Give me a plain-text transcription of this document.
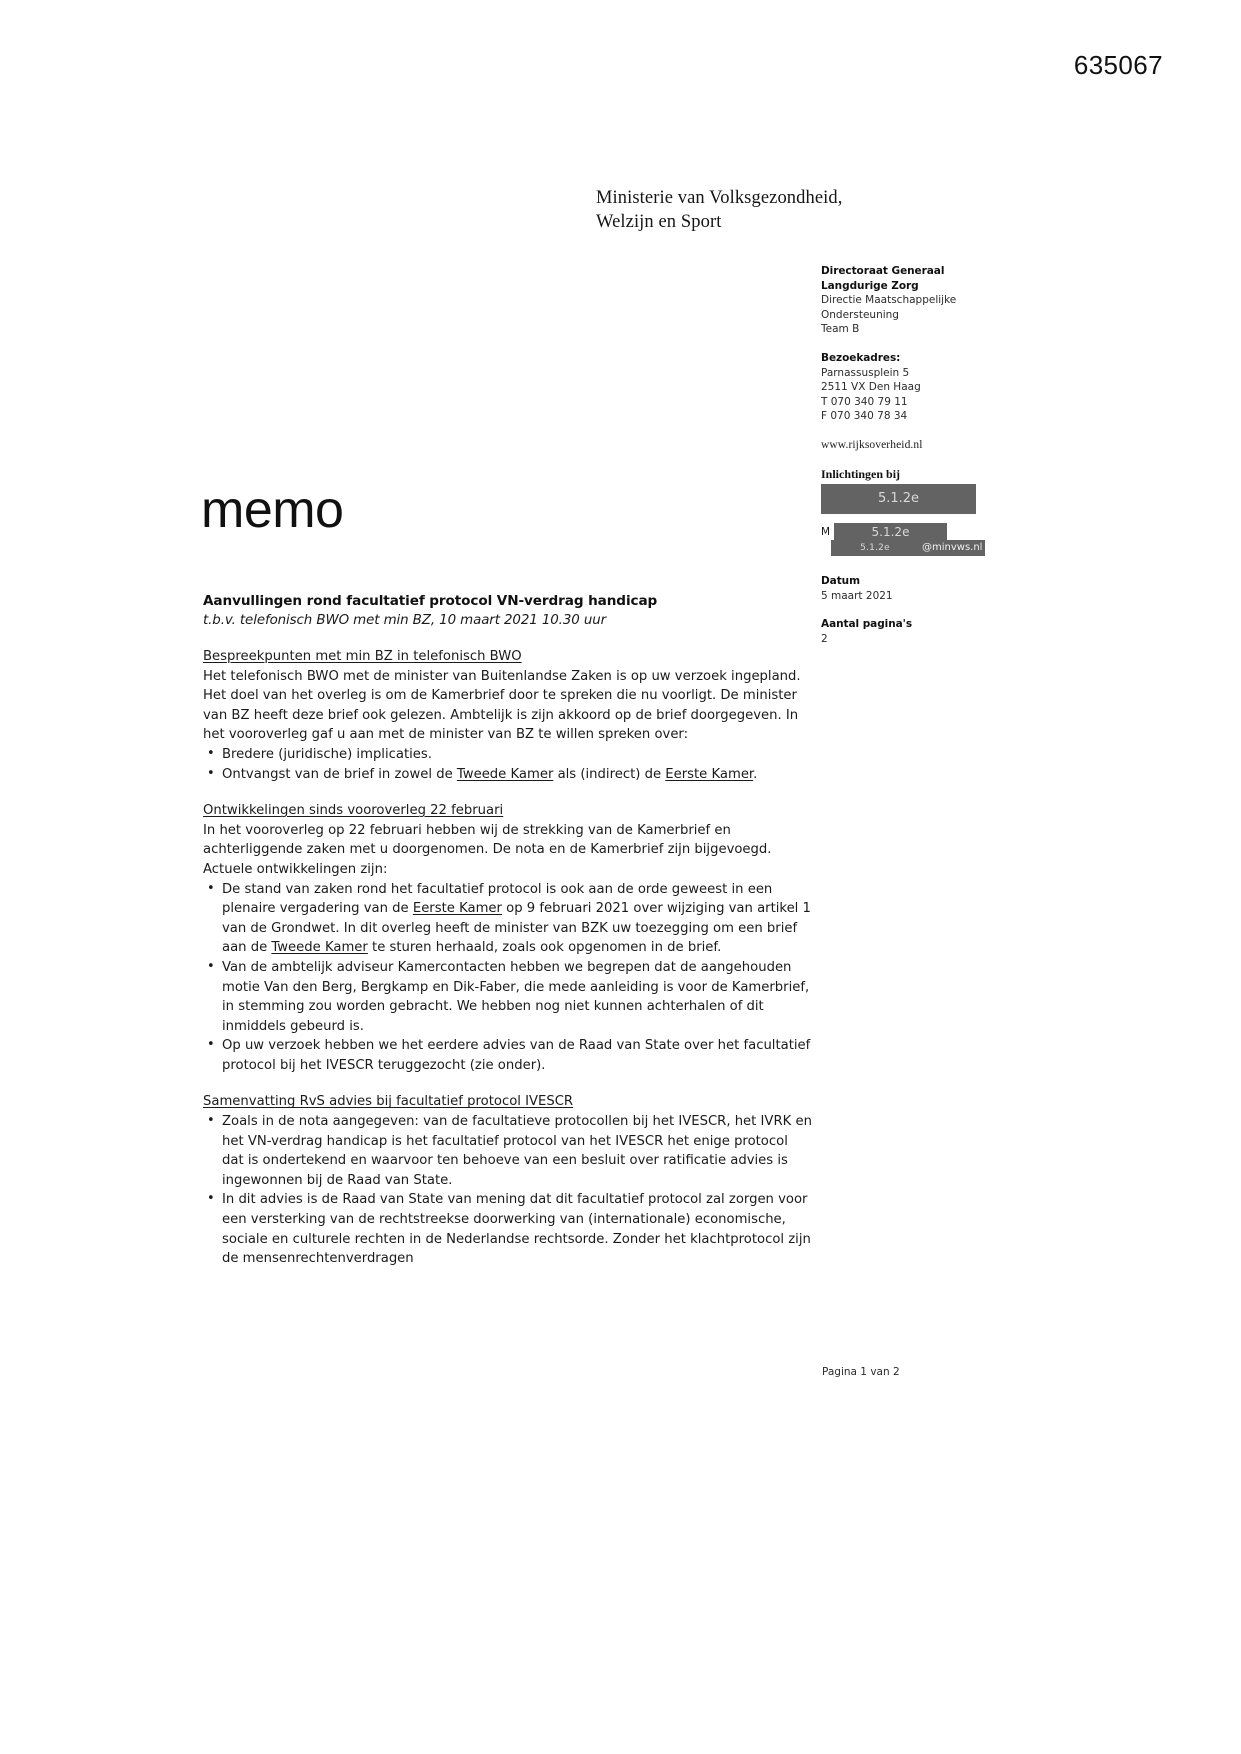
635067
Ministerie van Volksgezondheid,
Welzijn en Sport
Directoraat Generaal
Langdurige Zorg
Directie Maatschappelijke
Ondersteuning
Team B
Bezoekadres:
Parnassusplein 5
2511 VX Den Haag
T 070 340 79 11
F 070 340 78 34
www.rijksoverheid.nl
Inlichtingen bij
5.1.2e
M	5.1.2e
5.1.2e	@minvws.nl
Datum
5 maart 2021
Aantal pagina's
2
memo
Aanvullingen rond facultatief protocol VN-verdrag handicap
t.b.v. telefonisch BWO met min BZ, 10 maart 2021 10.30 uur
Bespreekpunten met min BZ in telefonisch BWO

Het telefonisch BWO met de minister van Buitenlandse Zaken is op uw verzoek ingepland. Het doel van het overleg is om de Kamerbrief door te spreken die nu voorligt. De minister van BZ heeft deze brief ook gelezen. Ambtelijk is zijn akkoord op de brief doorgegeven. In het vooroverleg gaf u aan met de minister van BZ te willen spreken over:

• Bredere (juridische) implicaties.
• Ontvangst van de brief in zowel de Tweede Kamer als (indirect) de Eerste Kamer.
Ontwikkelingen sinds vooroverleg 22 februari

In het vooroverleg op 22 februari hebben wij de strekking van de Kamerbrief en achterliggende zaken met u doorgenomen. De nota en de Kamerbrief zijn bijgevoegd. Actuele ontwikkelingen zijn:

• De stand van zaken rond het facultatief protocol is ook aan de orde geweest in een plenaire vergadering van de Eerste Kamer op 9 februari 2021 over wijziging van artikel 1 van de Grondwet. In dit overleg heeft de minister van BZK uw toezegging om een brief aan de Tweede Kamer te sturen herhaald, zoals ook opgenomen in de brief.
• Van de ambtelijk adviseur Kamercontacten hebben we begrepen dat de aangehouden motie Van den Berg, Bergkamp en Dik-Faber, die mede aanleiding is voor de Kamerbrief, in stemming zou worden gebracht. We hebben nog niet kunnen achterhalen of dit inmiddels gebeurd is.
• Op uw verzoek hebben we het eerdere advies van de Raad van State over het facultatief protocol bij het IVESCR teruggezocht (zie onder).
Samenvatting RvS advies bij facultatief protocol IVESCR
• Zoals in de nota aangegeven: van de facultatieve protocollen bij het IVESCR, het IVRK en het VN-verdrag handicap is het facultatief protocol van het IVESCR het enige protocol dat is ondertekend en waarvoor ten behoeve van een besluit over ratificatie advies is ingewonnen bij de Raad van State.
• In dit advies is de Raad van State van mening dat dit facultatief protocol zal zorgen voor een versterking van de rechtstreekse doorwerking van (internationale) economische, sociale en culturele rechten in de Nederlandse rechtsorde. Zonder het klachtprotocol zijn de mensenrechtenverdragen
Pagina 1 van 2
